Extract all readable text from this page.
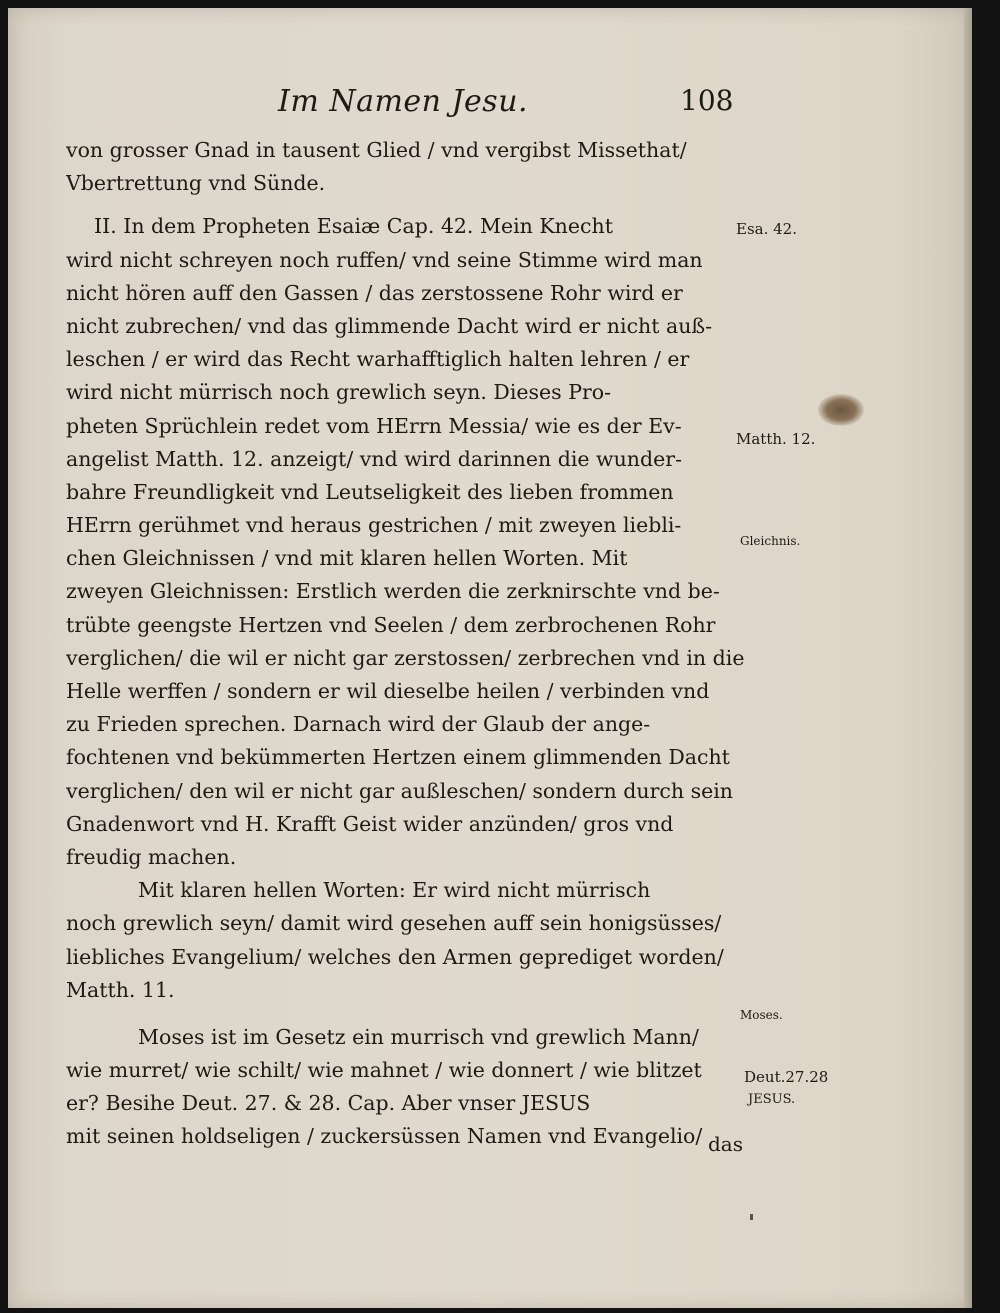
Im Namen Jesu.	108
von grosser Gnad in tausent Glied / vnd vergibst Missethat/
Vbertrettung vnd Sünde.
II. In dem Propheten Esaiæ Cap. 42. Mein Knecht
wird nicht schreyen noch ruffen/ vnd seine Stimme wird man
nicht hören auff den Gassen / das zerstossene Rohr wird er
nicht zubrechen/ vnd das glimmende Dacht wird er nicht auß-
leschen / er wird das Recht warhafftiglich halten lehren / er
wird nicht mürrisch noch grewlich seyn. Dieses Pro-
pheten Sprüchlein redet vom HErrn Messia/ wie es der Ev-
angelist Matth. 12. anzeigt/ vnd wird darinnen die wunder-
bahre Freundligkeit vnd Leutseligkeit des lieben frommen
HErrn gerühmet vnd heraus gestrichen / mit zweyen liebli-
chen Gleichnissen / vnd mit klaren hellen Worten. Mit
zweyen Gleichnissen: Erstlich werden die zerknirschte vnd be-
trübte geengste Hertzen vnd Seelen / dem zerbrochenen Rohr
verglichen/ die wil er nicht gar zerstossen/ zerbrechen vnd in die
Helle werffen / sondern er wil dieselbe heilen / verbinden vnd
zu Frieden sprechen. Darnach wird der Glaub der ange-
fochtenen vnd bekümmerten Hertzen einem glimmenden Dacht
verglichen/ den wil er nicht gar außleschen/ sondern durch sein
Gnadenwort vnd H. Krafft Geist wider anzünden/ gros vnd
freudig machen.
Mit klaren hellen Worten: Er wird nicht mürrisch
noch grewlich seyn/ damit wird gesehen auff sein honigsüsses/
liebliches Evangelium/ welches den Armen geprediget worden/
Matth. 11.
Moses ist im Gesetz ein murrisch vnd grewlich Mann/
wie murret/ wie schilt/ wie mahnet / wie donnert / wie blitzet
er? Besihe Deut. 27. & 28. Cap. Aber vnser JESUS
mit seinen holdseligen / zuckersüssen Namen vnd Evangelio/ das
Esa. 42.
Matth. 12.
Gleichnis.
Moses.
Deut.27.28
JESUS.
